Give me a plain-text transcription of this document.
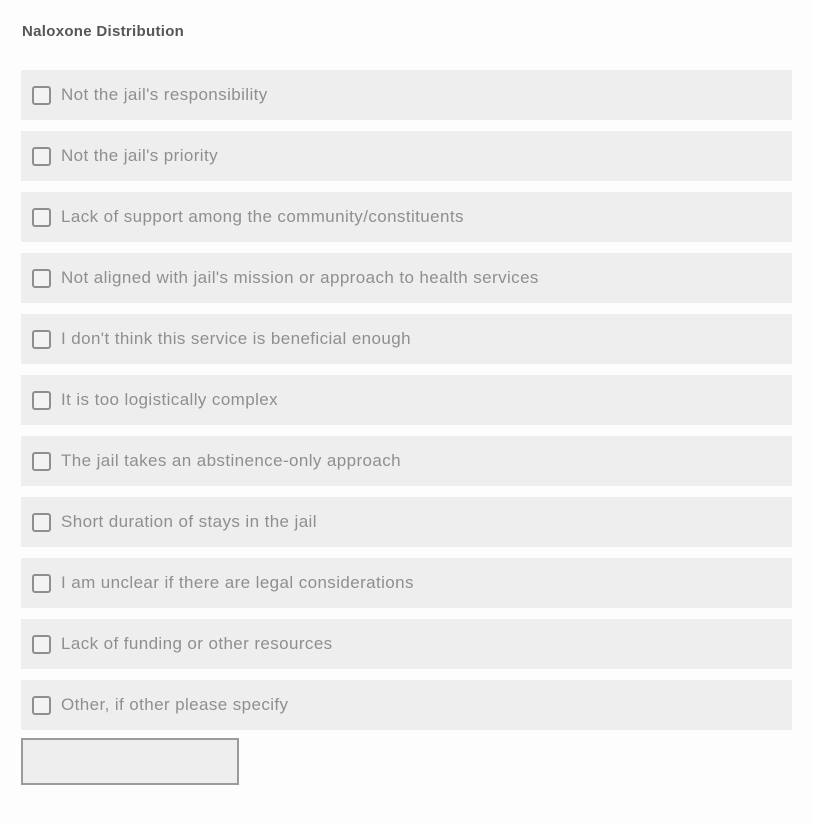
Naloxone Distribution
Not the jail's responsibility
Not the jail's priority
Lack of support among the community/constituents
Not aligned with jail's mission or approach to health services
I don't think this service is beneficial enough
It is too logistically complex
The jail takes an abstinence-only approach
Short duration of stays in the jail
I am unclear if there are legal considerations
Lack of funding or other resources
Other, if other please specify
